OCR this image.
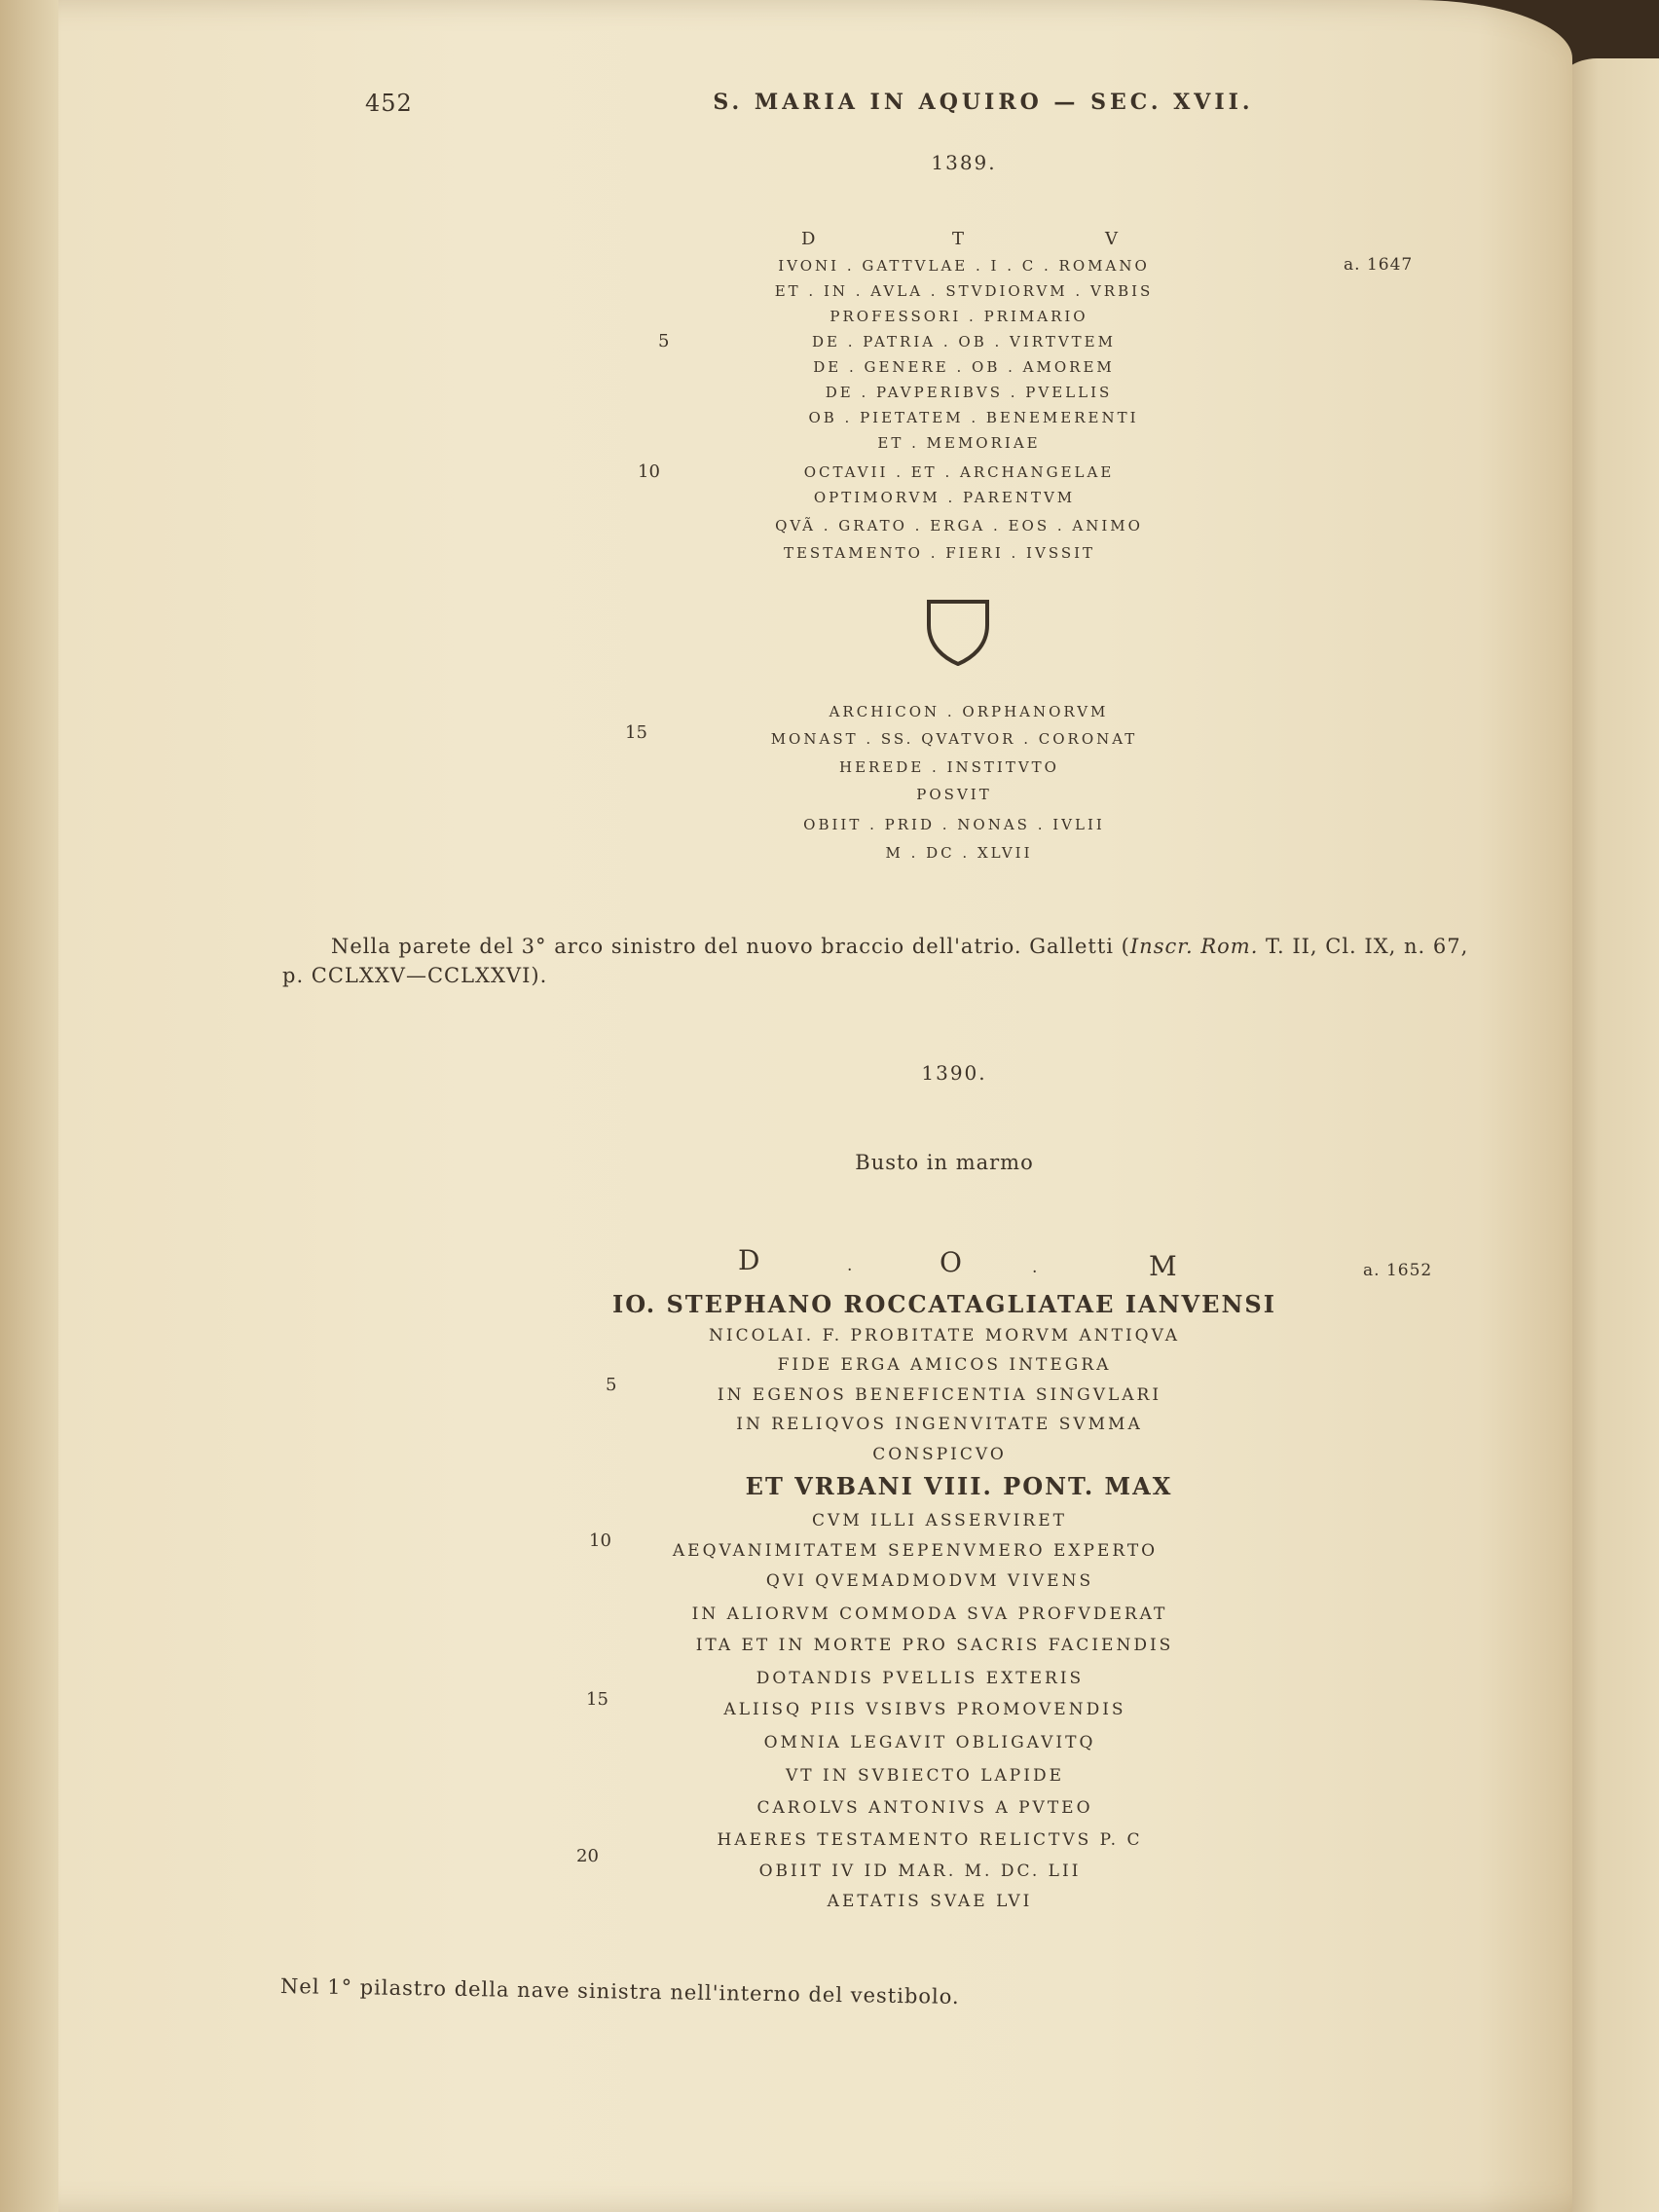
452	S. MARIA IN AQUIRO — SEC. XVII.
1389.
D	T	V
a. 1647
IVONI . GATTVLAE . I . C . ROMANO
ET . IN . AVLA . STVDIORVM . VRBIS
PROFESSORI . PRIMARIO
DE . PATRIA . OB . VIRTVTEM
DE . GENERE . OB . AMOREM
DE . PAVPERIBVS . PVELLIS
OB . PIETATEM . BENEMERENTI
ET . MEMORIAE
OCTAVII . ET . ARCHANGELAE
OPTIMORVM . PARENTVM
QVÃ . GRATO . ERGA . EOS . ANIMO
TESTAMENTO . FIERI . IVSSIT
5
10
15
ARCHICON . ORPHANORVM
MONAST . SS. QVATVOR . CORONAT
HEREDE . INSTITVTO
POSVIT
OBIIT . PRID . NONAS . IVLII
M . DC . XLVII
Nella parete del 3° arco sinistro del nuovo braccio dell'atrio. Galletti (Inscr. Rom. T. II, Cl. IX, n. 67,
p. CCLXXV—CCLXXVI).
1390.
Busto in marmo
D	.	O	.	M	a. 1652
IO. STEPHANO ROCCATAGLIATAE IANVENSI
NICOLAI. F. PROBITATE MORVM ANTIQVA
FIDE ERGA AMICOS INTEGRA
IN EGENOS BENEFICENTIA SINGVLARI
IN RELIQVOS INGENVITATE SVMMA
CONSPICVO
ET VRBANI VIII. PONT. MAX
CVM ILLI ASSERVIRET
AEQVANIMITATEM SEPENVMERO EXPERTO
QVI QVEMADMODVM VIVENS
IN ALIORVM COMMODA SVA PROFVDERAT
ITA ET IN MORTE PRO SACRIS FACIENDIS
DOTANDIS PVELLIS EXTERIS
ALIISQ PIIS VSIBVS PROMOVENDIS
OMNIA LEGAVIT OBLIGAVITQ
VT IN SVBIECTO LAPIDE
CAROLVS ANTONIVS A PVTEO
HAERES TESTAMENTO RELICTVS P. C
OBIIT IV ID MAR. M. DC. LII
AETATIS SVAE LVI
5
10
15
20
Nel 1° pilastro della nave sinistra nell'interno del vestibolo.
